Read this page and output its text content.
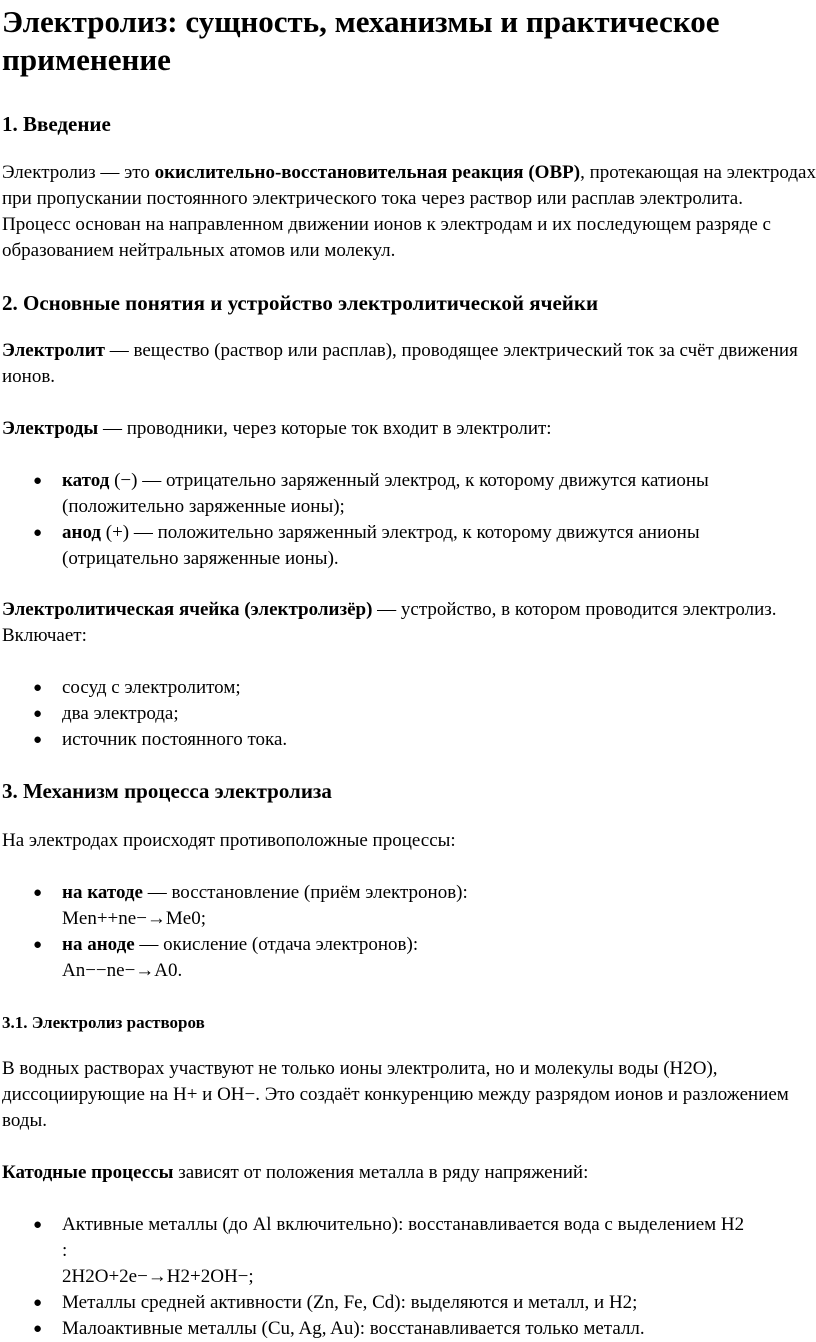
Электролиз: сущность, механизмы и практическое применение
1. Введение

Электролиз — это окислительно-восстановительная реакция (ОВР), протекающая на электродах при пропускании постоянного электрического тока через раствор или расплав электролита. Процесс основан на направленном движении ионов к электродам и их последующем разряде с образованием нейтральных атомов или молекул.

2. Основные понятия и устройство электролитической ячейки

Электролит — вещество (раствор или расплав), проводящее электрический ток за счёт движения ионов.

Электроды — проводники, через которые ток входит в электролит:

● катод (−) — отрицательно заряженный электрод, к которому движутся катионы (положительно заряженные ионы);
● анод (+) — положительно заряженный электрод, к которому движутся анионы (отрицательно заряженные ионы).

Электролитическая ячейка (электролизёр) — устройство, в котором проводится электролиз. Включает:

● сосуд с электролитом;
● два электрода;
● источник постоянного тока.
3. Механизм процесса электролиза

На электродах происходят противоположные процессы:

● на катоде — восстановление (приём электронов):
Men++ne−→Me0;
● на аноде — окисление (отдача электронов):
An−−ne−→A0.
3.1. Электролиз растворов

В водных растворах участвуют не только ионы электролита, но и молекулы воды (H2O), диссоциирующие на H+ и OH−. Это создаёт конкуренцию между разрядом ионов и разложением воды.

Катодные процессы зависят от положения металла в ряду напряжений:

● Активные металлы (до Al включительно): восстанавливается вода с выделением H2
:
2H2O+2e−→H2+2OH−;
● Металлы средней активности (Zn, Fe, Cd): выделяются и металл, и H2;
● Малоактивные металлы (Cu, Ag, Au): восстанавливается только металл.
